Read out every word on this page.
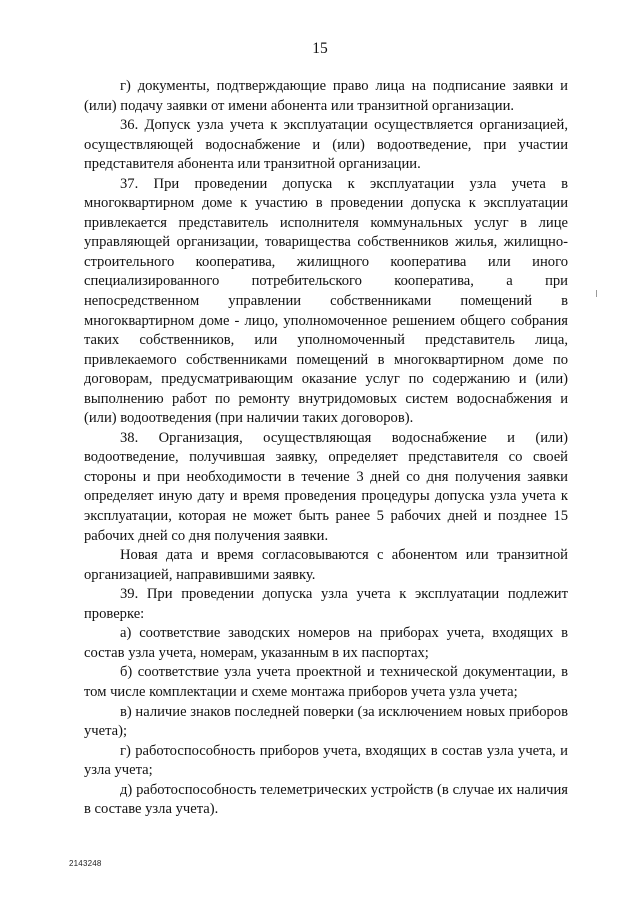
15

г) документы, подтверждающие право лица на подписание заявки и (или) подачу заявки от имени абонента или транзитной организации.

36. Допуск узла учета к эксплуатации осуществляется организацией, осуществляющей водоснабжение и (или) водоотведение, при участии представителя абонента или транзитной организации.

37. При проведении допуска к эксплуатации узла учета в многоквартирном доме к участию в проведении допуска к эксплуатации привлекается представитель исполнителя коммунальных услуг в лице управляющей организации, товарищества собственников жилья, жилищно-строительного кооператива, жилищного кооператива или иного специализированного потребительского кооператива, а при непосредственном управлении собственниками помещений в многоквартирном доме - лицо, уполномоченное решением общего собрания таких собственников, или уполномоченный представитель лица, привлекаемого собственниками помещений в многоквартирном доме по договорам, предусматривающим оказание услуг по содержанию и (или) выполнению работ по ремонту внутридомовых систем водоснабжения и (или) водоотведения (при наличии таких договоров).

38. Организация, осуществляющая водоснабжение и (или) водоотведение, получившая заявку, определяет представителя со своей стороны и при необходимости в течение 3 дней со дня получения заявки определяет иную дату и время проведения процедуры допуска узла учета к эксплуатации, которая не может быть ранее 5 рабочих дней и позднее 15 рабочих дней со дня получения заявки.

Новая дата и время согласовываются с абонентом или транзитной организацией, направившими заявку.

39. При проведении допуска узла учета к эксплуатации подлежит проверке:

а) соответствие заводских номеров на приборах учета, входящих в состав узла учета, номерам, указанным в их паспортах;

б) соответствие узла учета проектной и технической документации, в том числе комплектации и схеме монтажа приборов учета узла учета;

в) наличие знаков последней поверки (за исключением новых приборов учета);

г) работоспособность приборов учета, входящих в состав узла учета, и узла учета;

д) работоспособность телеметрических устройств (в случае их наличия в составе узла учета).

2143248
